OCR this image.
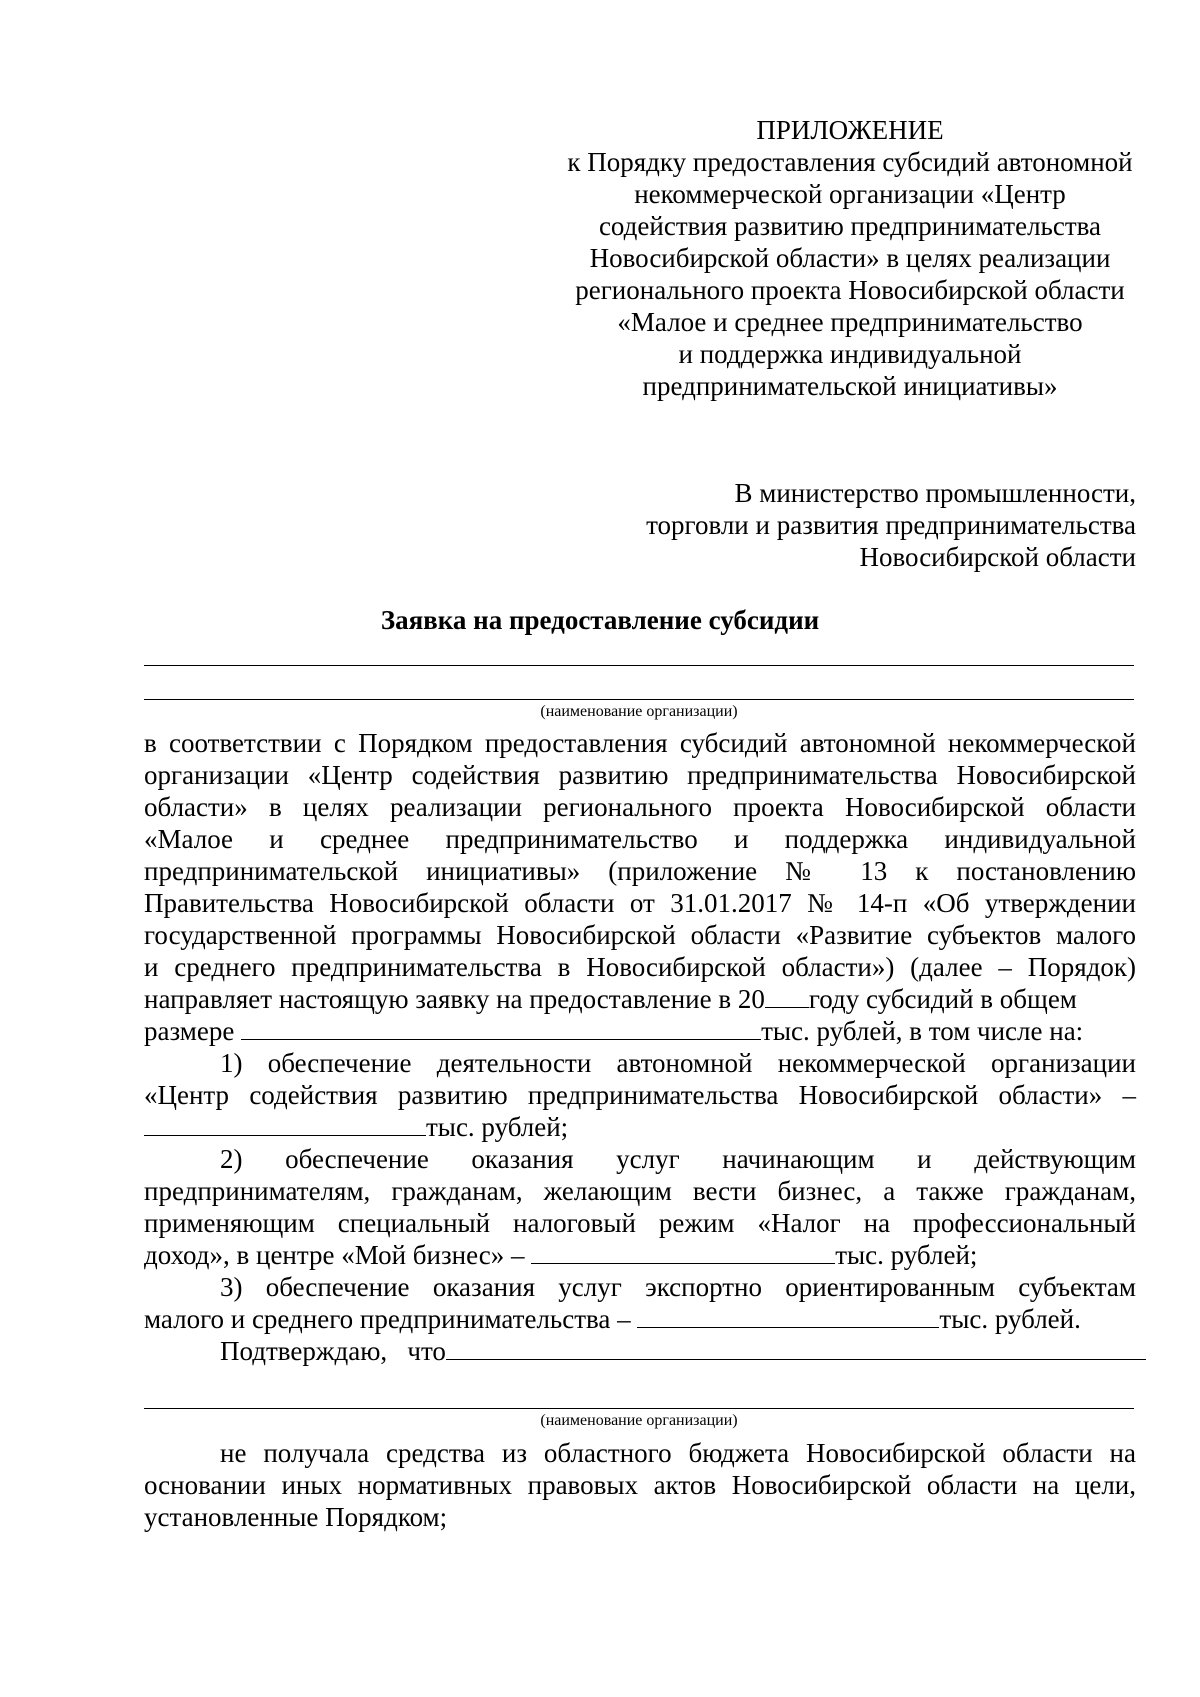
ПРИЛОЖЕНИЕ
к Порядку предоставления субсидий автономной
некоммерческой организации «Центр
содействия развитию предпринимательства
Новосибирской области» в целях реализации
регионального проекта Новосибирской области
«Малое и среднее предпринимательство
и поддержка индивидуальной
предпринимательской инициативы»
В министерство промышленности,
торговли и развития предпринимательства
Новосибирской области
Заявка на предоставление субсидии
(наименование организации)
в соответствии с Порядком предоставления субсидий автономной некоммерческой
организации «Центр содействия развитию предпринимательства Новосибирской
области» в целях реализации регионального проекта Новосибирской области
«Малое и среднее предпринимательство и поддержка индивидуальной
предпринимательской инициативы» (приложение № 13 к постановлению
Правительства Новосибирской области от 31.01.2017 № 14-п «Об утверждении
государственной программы Новосибирской области «Развитие субъектов малого
и среднего предпринимательства в Новосибирской области») (далее – Порядок)
направляет настоящую заявку на предоставление в 20 году субсидий в общем
размере	тыс. рублей, в том числе на:
1) обеспечение деятельности автономной некоммерческой организации
«Центр содействия развитию предпринимательства Новосибирской области» –
тыс. рублей;
2) обеспечение оказания услуг начинающим и действующим
предпринимателям, гражданам, желающим вести бизнес, а также гражданам,
применяющим специальный налоговый режим «Налог на профессиональный
доход», в центре «Мой бизнес» –	тыс. рублей;
3) обеспечение оказания услуг экспортно ориентированным субъектам
малого и среднего предпринимательства –	тыс. рублей.
Подтверждаю,   что
(наименование организации)
не получала средства из областного бюджета Новосибирской области на
основании иных нормативных правовых актов Новосибирской области на цели,
установленные Порядком;
